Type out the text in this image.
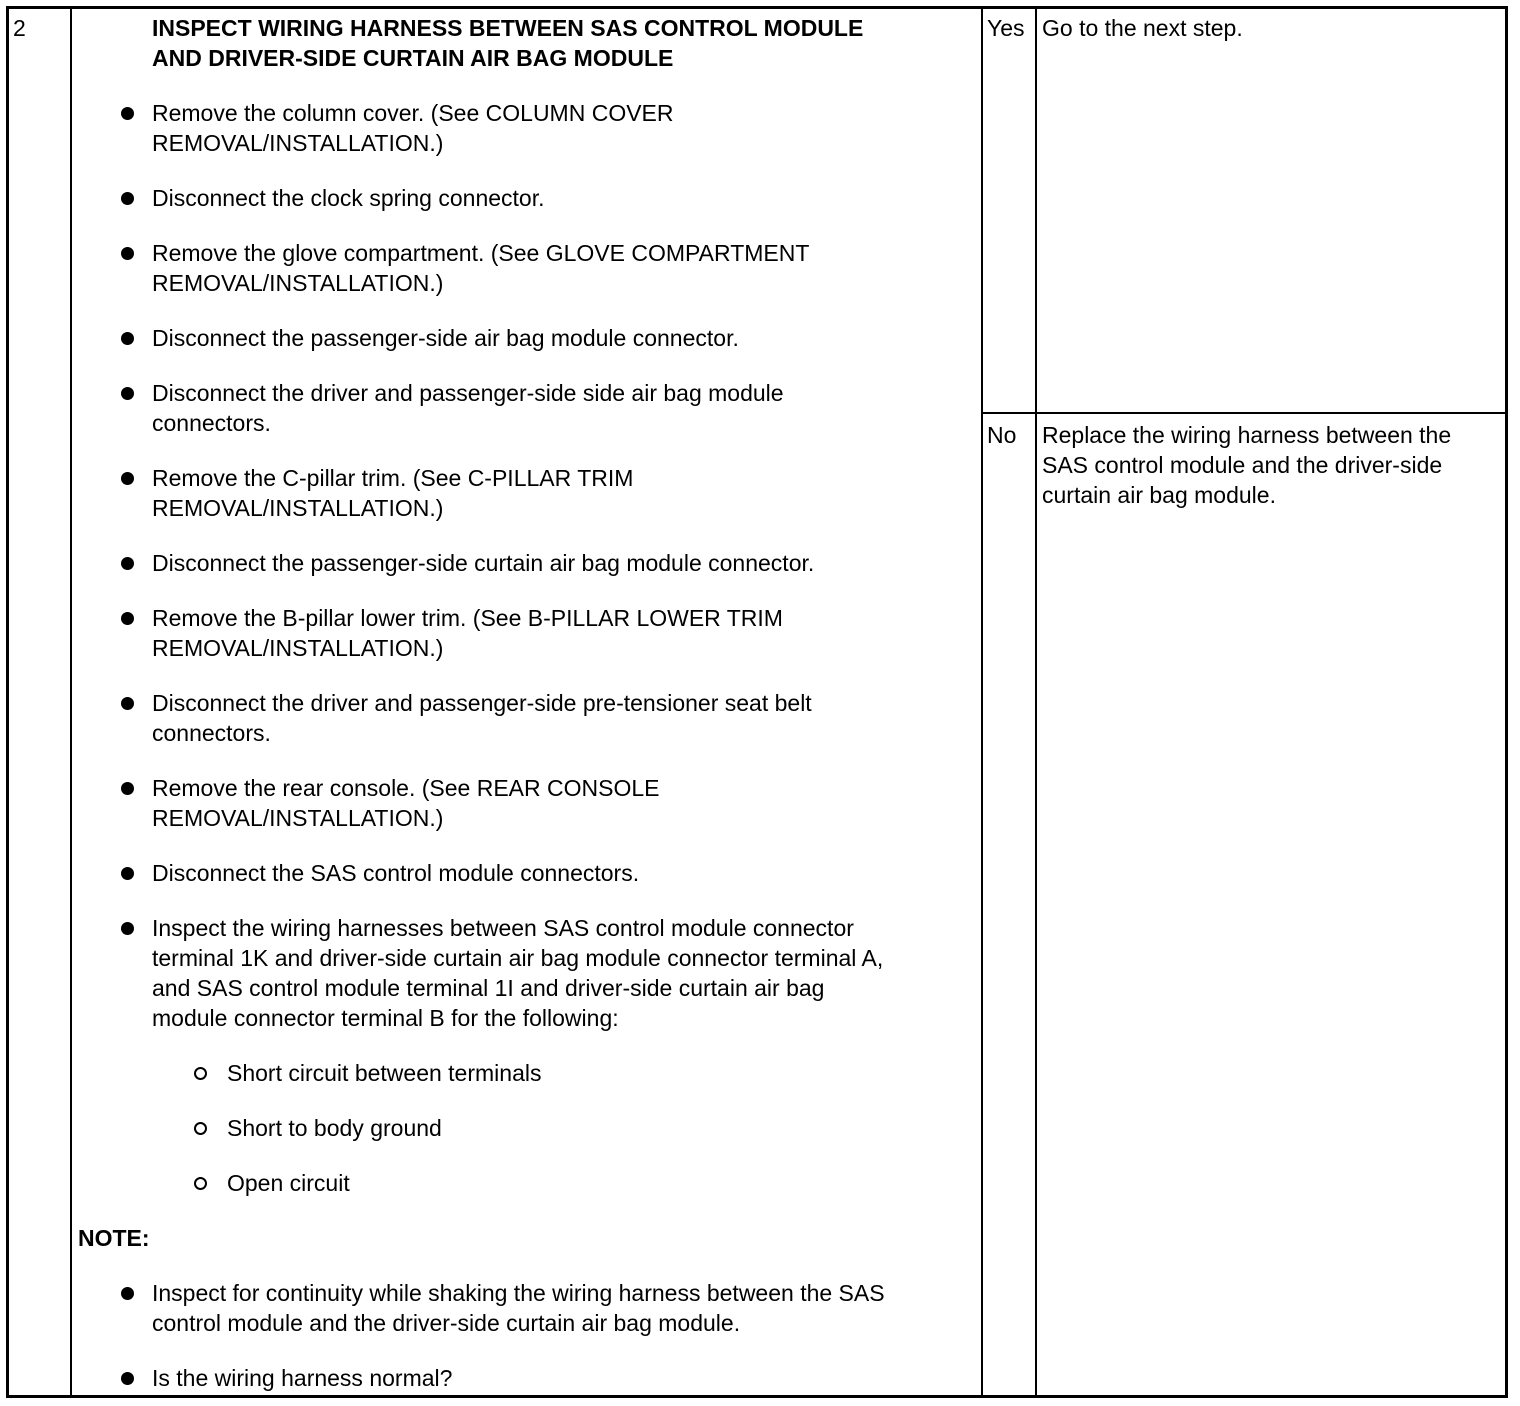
2	INSPECT WIRING HARNESS BETWEEN SAS CONTROL MODULE
AND DRIVER-SIDE CURTAIN AIR BAG MODULE
Remove the column cover. (See COLUMN COVER
REMOVAL/INSTALLATION.)
Disconnect the clock spring connector.
Remove the glove compartment. (See GLOVE COMPARTMENT
REMOVAL/INSTALLATION.)
Disconnect the passenger-side air bag module connector.
Disconnect the driver and passenger-side side air bag module
connectors.
Remove the C-pillar trim. (See C-PILLAR TRIM
REMOVAL/INSTALLATION.)
Disconnect the passenger-side curtain air bag module connector.
Remove the B-pillar lower trim. (See B-PILLAR LOWER TRIM
REMOVAL/INSTALLATION.)
Disconnect the driver and passenger-side pre-tensioner seat belt
connectors.
Remove the rear console. (See REAR CONSOLE
REMOVAL/INSTALLATION.)
Disconnect the SAS control module connectors.
Inspect the wiring harnesses between SAS control module connector
terminal 1K and driver-side curtain air bag module connector terminal A,
and SAS control module terminal 1I and driver-side curtain air bag
module connector terminal B for the following:
Short circuit between terminals
Short to body ground
Open circuit
NOTE:
Inspect for continuity while shaking the wiring harness between the SAS
control module and the driver-side curtain air bag module.
Is the wiring harness normal?
Yes Go to the next step.
No Replace the wiring harness between the
SAS control module and the driver-side
curtain air bag module.
